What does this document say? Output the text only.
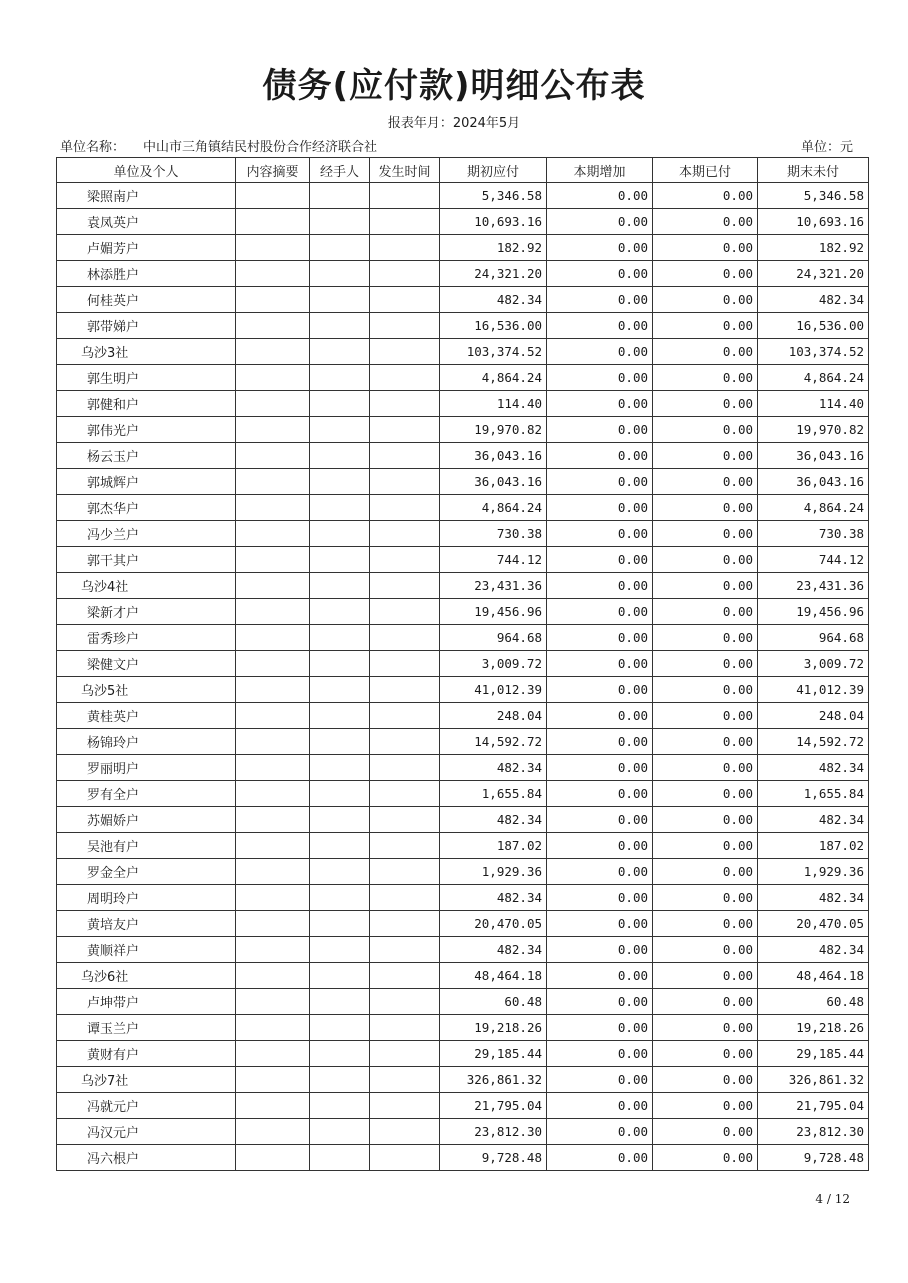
债务(应付款)明细公布表
报表年月：2024年5月
单位名称： 中山市三角镇结民村股份合作经济联合社	单位：元
单位及个人	内容摘要	经手人	发生时间	期初应付	本期增加	本期已付	期末未付
梁照南户				5,346.58	0.00	0.00	5,346.58
袁凤英户				10,693.16	0.00	0.00	10,693.16
卢媚芳户				182.92	0.00	0.00	182.92
林添胜户				24,321.20	0.00	0.00	24,321.20
何桂英户				482.34	0.00	0.00	482.34
郭带娣户				16,536.00	0.00	0.00	16,536.00
乌沙3社				103,374.52	0.00	0.00	103,374.52
郭生明户				4,864.24	0.00	0.00	4,864.24
郭健和户				114.40	0.00	0.00	114.40
郭伟光户				19,970.82	0.00	0.00	19,970.82
杨云玉户				36,043.16	0.00	0.00	36,043.16
郭城辉户				36,043.16	0.00	0.00	36,043.16
郭杰华户				4,864.24	0.00	0.00	4,864.24
冯少兰户				730.38	0.00	0.00	730.38
郭干其户				744.12	0.00	0.00	744.12
乌沙4社				23,431.36	0.00	0.00	23,431.36
梁新才户				19,456.96	0.00	0.00	19,456.96
雷秀珍户				964.68	0.00	0.00	964.68
梁健文户				3,009.72	0.00	0.00	3,009.72
乌沙5社				41,012.39	0.00	0.00	41,012.39
黄桂英户				248.04	0.00	0.00	248.04
杨锦玲户				14,592.72	0.00	0.00	14,592.72
罗丽明户				482.34	0.00	0.00	482.34
罗有全户				1,655.84	0.00	0.00	1,655.84
苏媚娇户				482.34	0.00	0.00	482.34
吴池有户				187.02	0.00	0.00	187.02
罗金全户				1,929.36	0.00	0.00	1,929.36
周明玲户				482.34	0.00	0.00	482.34
黄培友户				20,470.05	0.00	0.00	20,470.05
黄顺祥户				482.34	0.00	0.00	482.34
乌沙6社				48,464.18	0.00	0.00	48,464.18
卢坤带户				60.48	0.00	0.00	60.48
谭玉兰户				19,218.26	0.00	0.00	19,218.26
黄财有户				29,185.44	0.00	0.00	29,185.44
乌沙7社				326,861.32	0.00	0.00	326,861.32
冯就元户				21,795.04	0.00	0.00	21,795.04
冯汉元户				23,812.30	0.00	0.00	23,812.30
冯六根户				9,728.48	0.00	0.00	9,728.48
4 / 12
